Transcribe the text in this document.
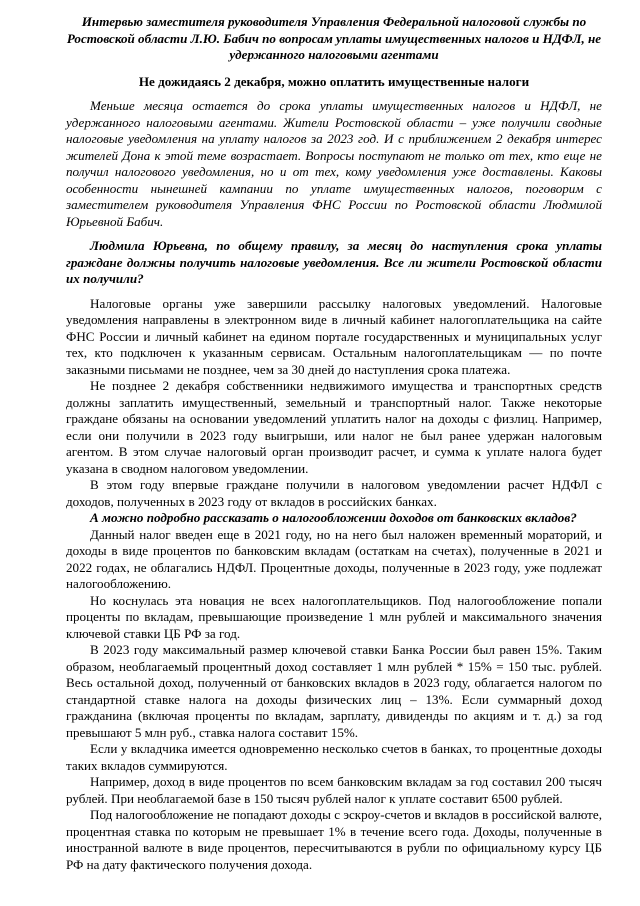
Интервью заместителя руководителя Управления Федеральной налоговой службы по Ростовской области Л.Ю. Бабич по вопросам уплаты имущественных налогов и НДФЛ, не удержанного налоговыми агентами
Не дожидаясь 2 декабря, можно оплатить имущественные налоги

Меньше месяца остается до срока уплаты имущественных налогов и НДФЛ, не удержанного налоговыми агентами. Жители Ростовской области – уже получили сводные налоговые уведомления на уплату налогов за 2023 год. И с приближением 2 декабря интерес жителей Дона к этой теме возрастает. Вопросы поступают не только от тех, кто еще не получил налогового уведомления, но и от тех, кому уведомления уже доставлены. Каковы особенности нынешней кампании по уплате имущественных налогов, поговорим с заместителем руководителя Управления ФНС России по Ростовской области Людмилой Юрьевной Бабич.

Людмила Юрьевна, по общему правилу, за месяц до наступления срока уплаты граждане должны получить налоговые уведомления. Все ли жители Ростовской области их получили?

Налоговые органы уже завершили рассылку налоговых уведомлений. Налоговые уведомления направлены в электронном виде в личный кабинет налогоплательщика на сайте ФНС России и личный кабинет на едином портале государственных и муниципальных услуг тех, кто подключен к указанным сервисам. Остальным налогоплательщикам — по почте заказными письмами не позднее, чем за 30 дней до наступления срока платежа.

Не позднее 2 декабря собственники недвижимого имущества и транспортных средств должны заплатить имущественный, земельный и транспортный налог. Также некоторые граждане обязаны на основании уведомлений уплатить налог на доходы с физлиц. Например, если они получили в 2023 году выигрыши, или налог не был ранее удержан налоговым агентом. В этом случае налоговый орган производит расчет, и сумма к уплате налога будет указана в сводном налоговом уведомлении.

В этом году впервые граждане получили в налоговом уведомлении расчет НДФЛ с доходов, полученных в 2023 году от вкладов в российских банках.

А можно подробно рассказать о налогообложении доходов от банковских вкладов?

Данный налог введен еще в 2021 году, но на него был наложен временный мораторий, и доходы в виде процентов по банковским вкладам (остаткам на счетах), полученные в 2021 и 2022 годах, не облагались НДФЛ. Процентные доходы, полученные в 2023 году, уже подлежат налогообложению.

Но коснулась эта новация не всех налогоплательщиков. Под налогообложение попали проценты по вкладам, превышающие произведение 1 млн рублей и максимального значения ключевой ставки ЦБ РФ за год.

В 2023 году максимальный размер ключевой ставки Банка России был равен 15%. Таким образом, необлагаемый процентный доход составляет 1 млн рублей * 15% = 150 тыс. рублей. Весь остальной доход, полученный от банковских вкладов в 2023 году, облагается налогом по стандартной ставке налога на доходы физических лиц – 13%. Если суммарный доход гражданина (включая проценты по вкладам, зарплату, дивиденды по акциям и т. д.) за год превышают 5 млн руб., ставка налога составит 15%.

Если у вкладчика имеется одновременно несколько счетов в банках, то процентные доходы таких вкладов суммируются.

Например, доход в виде процентов по всем банковским вкладам за год составил 200 тысяч рублей. При необлагаемой базе в 150 тысяч рублей налог к уплате составит 6500 рублей.

Под налогообложение не попадают доходы с эскроу-счетов и вкладов в российской валюте, процентная ставка по которым не превышает 1% в течение всего года. Доходы, полученные в иностранной валюте в виде процентов, пересчитываются в рубли по официальному курсу ЦБ РФ на дату фактического получения дохода.
